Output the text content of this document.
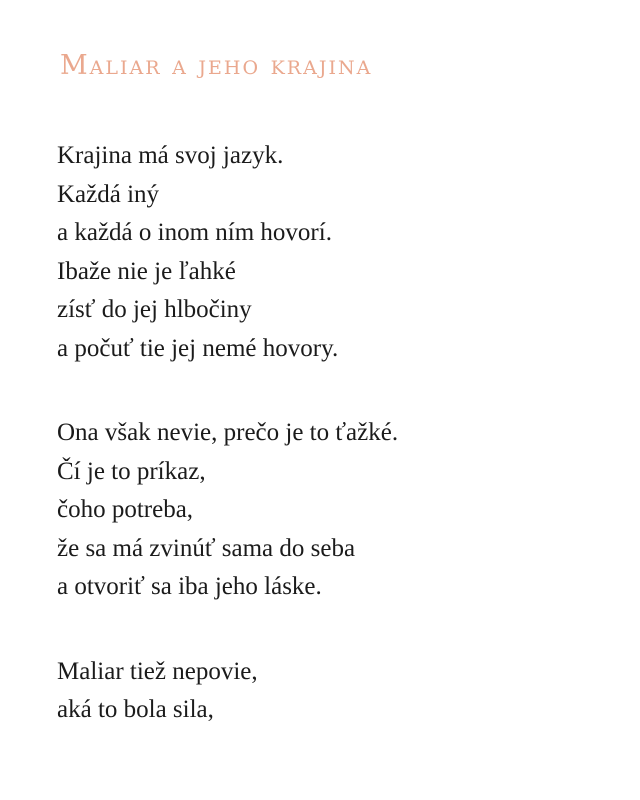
Maliar a jeho krajina
Krajina má svoj jazyk.
Každá iný
a každá o inom ním hovorí.
Ibaže nie je ľahké
zísť do jej hlbočiny
a počuť tie jej nemé hovory.
Ona však nevie, prečo je to ťažké.
Čí je to príkaz,
čoho potreba,
že sa má zvinúť sama do seba
a otvoriť sa iba jeho láske.
Maliar tiež nepovie,
aká to bola sila,
